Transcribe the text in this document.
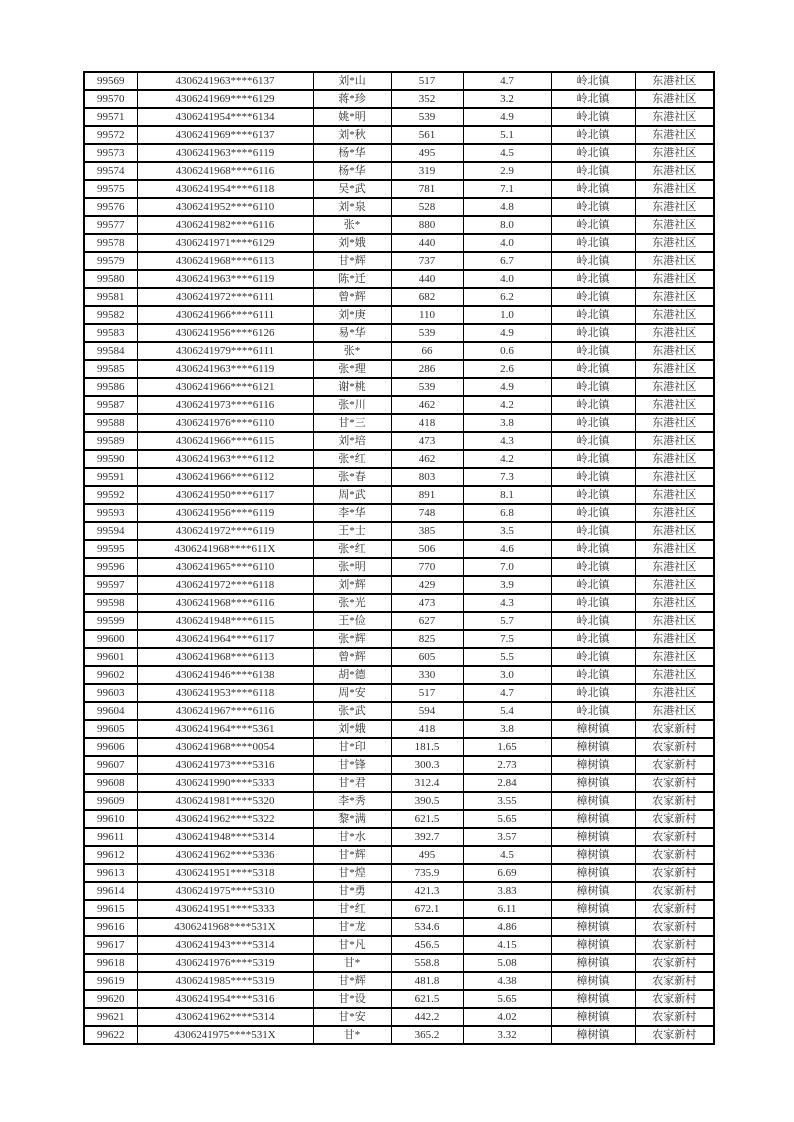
99569	4306241963****6137	刘*山	517	4.7	岭北镇	东港社区
99570	4306241969****6129	蒋*珍	352	3.2	岭北镇	东港社区
99571	4306241954****6134	姚*明	539	4.9	岭北镇	东港社区
99572	4306241969****6137	刘*秋	561	5.1	岭北镇	东港社区
99573	4306241963****6119	杨*华	495	4.5	岭北镇	东港社区
99574	4306241968****6116	杨*华	319	2.9	岭北镇	东港社区
99575	4306241954****6118	吴*武	781	7.1	岭北镇	东港社区
99576	4306241952****6110	刘*泉	528	4.8	岭北镇	东港社区
99577	4306241982****6116	张*	880	8.0	岭北镇	东港社区
99578	4306241971****6129	刘*娥	440	4.0	岭北镇	东港社区
99579	4306241968****6113	甘*辉	737	6.7	岭北镇	东港社区
99580	4306241963****6119	陈*迁	440	4.0	岭北镇	东港社区
99581	4306241972****6111	曾*辉	682	6.2	岭北镇	东港社区
99582	4306241966****6111	刘*庚	110	1.0	岭北镇	东港社区
99583	4306241956****6126	易*华	539	4.9	岭北镇	东港社区
99584	4306241979****6111	张*	66	0.6	岭北镇	东港社区
99585	4306241963****6119	张*理	286	2.6	岭北镇	东港社区
99586	4306241966****6121	谢*桃	539	4.9	岭北镇	东港社区
99587	4306241973****6116	张*川	462	4.2	岭北镇	东港社区
99588	4306241976****6110	甘*三	418	3.8	岭北镇	东港社区
99589	4306241966****6115	刘*培	473	4.3	岭北镇	东港社区
99590	4306241963****6112	张*红	462	4.2	岭北镇	东港社区
99591	4306241966****6112	张*春	803	7.3	岭北镇	东港社区
99592	4306241950****6117	周*武	891	8.1	岭北镇	东港社区
99593	4306241956****6119	李*华	748	6.8	岭北镇	东港社区
99594	4306241972****6119	王*士	385	3.5	岭北镇	东港社区
99595	4306241968****611X	张*红	506	4.6	岭北镇	东港社区
99596	4306241965****6110	张*明	770	7.0	岭北镇	东港社区
99597	4306241972****6118	刘*辉	429	3.9	岭北镇	东港社区
99598	4306241968****6116	张*光	473	4.3	岭北镇	东港社区
99599	4306241948****6115	王*俭	627	5.7	岭北镇	东港社区
99600	4306241964****6117	张*辉	825	7.5	岭北镇	东港社区
99601	4306241968****6113	曾*辉	605	5.5	岭北镇	东港社区
99602	4306241946****6138	胡*德	330	3.0	岭北镇	东港社区
99603	4306241953****6118	周*安	517	4.7	岭北镇	东港社区
99604	4306241967****6116	张*武	594	5.4	岭北镇	东港社区
99605	4306241964****5361	刘*娥	418	3.8	樟树镇	农家新村
99606	4306241968****0054	甘*印	181.5	1.65	樟树镇	农家新村
99607	4306241973****5316	甘*锋	300.3	2.73	樟树镇	农家新村
99608	4306241990****5333	甘*君	312.4	2.84	樟树镇	农家新村
99609	4306241981****5320	李*秀	390.5	3.55	樟树镇	农家新村
99610	4306241962****5322	黎*满	621.5	5.65	樟树镇	农家新村
99611	4306241948****5314	甘*水	392.7	3.57	樟树镇	农家新村
99612	4306241962****5336	甘*辉	495	4.5	樟树镇	农家新村
99613	4306241951****5318	甘*煌	735.9	6.69	樟树镇	农家新村
99614	4306241975****5310	甘*勇	421.3	3.83	樟树镇	农家新村
99615	4306241951****5333	甘*红	672.1	6.11	樟树镇	农家新村
99616	4306241968****531X	甘*龙	534.6	4.86	樟树镇	农家新村
99617	4306241943****5314	甘*凡	456.5	4.15	樟树镇	农家新村
99618	4306241976****5319	甘*	558.8	5.08	樟树镇	农家新村
99619	4306241985****5319	甘*辉	481.8	4.38	樟树镇	农家新村
99620	4306241954****5316	甘*设	621.5	5.65	樟树镇	农家新村
99621	4306241962****5314	甘*安	442.2	4.02	樟树镇	农家新村
99622	4306241975****531X	甘*	365.2	3.32	樟树镇	农家新村
